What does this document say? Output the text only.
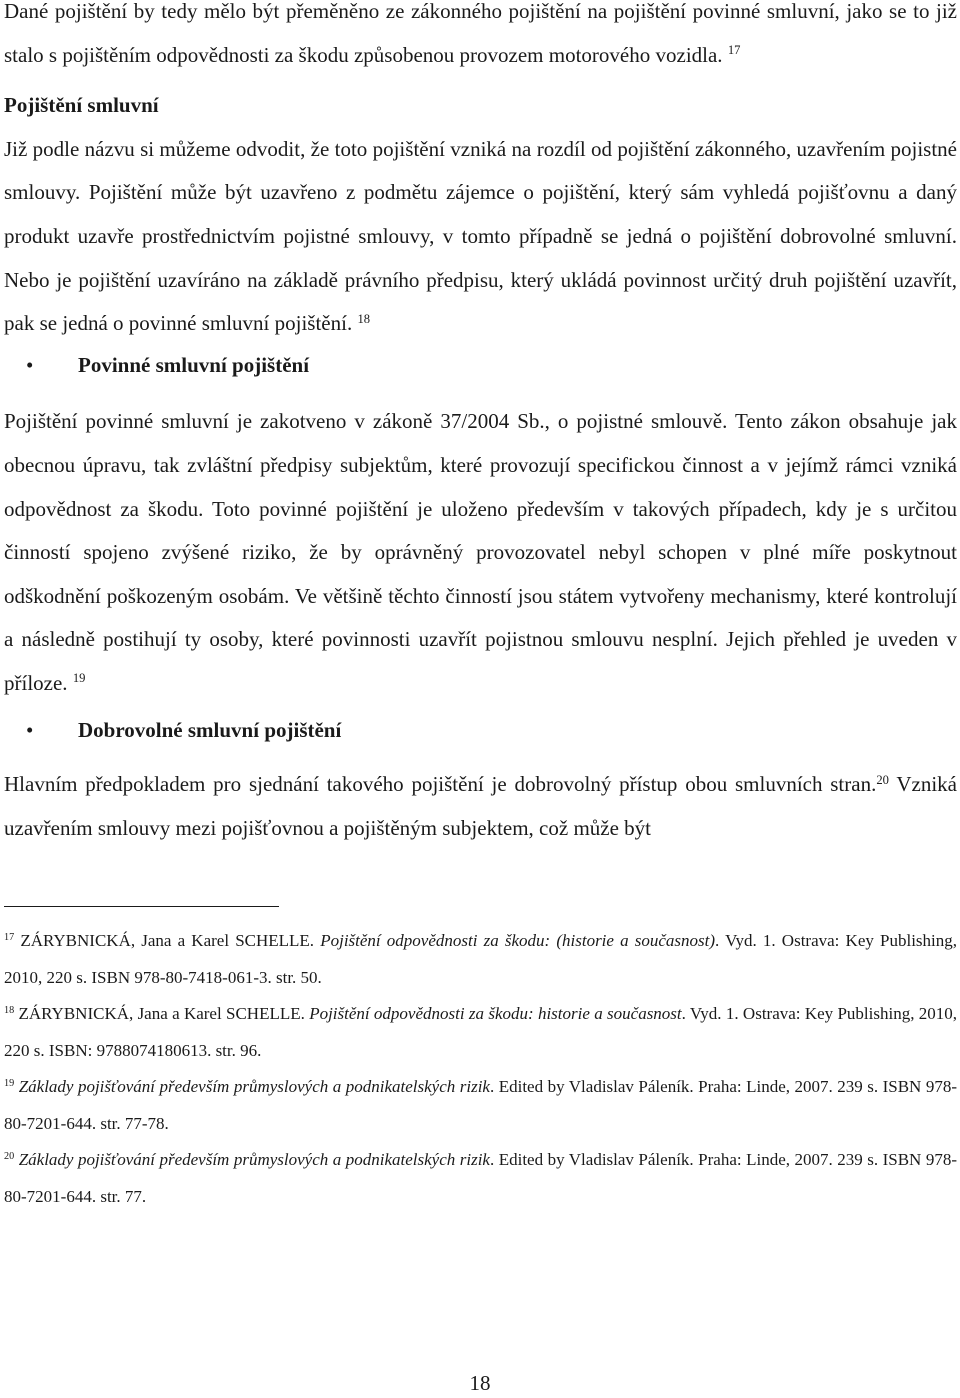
Dané pojištění by tedy mělo být přeměněno ze zákonného pojištění na pojištění povinné smluvní, jako se to již stalo s pojištěním odpovědnosti za škodu způsobenou provozem motorového vozidla. $^{17}$

Pojištění smluvní

Již podle názvu si můžeme odvodit, že toto pojištění vzniká na rozdíl od pojištění zákonného, uzavřením pojistné smlouvy. Pojištění může být uzavřeno z podmětu zájemce o pojištění, který sám vyhledá pojišťovnu a daný produkt uzavře prostřednictvím pojistné smlouvy, v tomto případně se jedná o pojištění dobrovolné smluvní. Nebo je pojištění uzavíráno na základě právního předpisu, který ukládá povinnost určitý druh pojištění uzavřít, pak se jedná o povinné smluvní pojištění. $^{18}$

• Povinné smluvní pojištění

Pojištění povinné smluvní je zakotveno v zákoně 37/2004 Sb., o pojistné smlouvě. Tento zákon obsahuje jak obecnou úpravu, tak zvláštní předpisy subjektům, které provozují specifickou činnost a v jejímž rámci vzniká odpovědnost za škodu. Toto povinné pojištění je uloženo především v takových případech, kdy je s určitou činností spojeno zvýšené riziko, že by oprávněný provozovatel nebyl schopen v plné míře poskytnout odškodnění poškozeným osobám. Ve většině těchto činností jsou státem vytvořeny mechanismy, které kontrolují a následně postihují ty osoby, které povinnosti uzavřít pojistnou smlouvu nesplní. Jejich přehled je uveden v příloze. $^{19}$

• Dobrovolné smluvní pojištění

Hlavním předpokladem pro sjednání takového pojištění je dobrovolný přístup obou smluvních stran.$^{20}$ Vzniká uzavřením smlouvy mezi pojišťovnou a pojištěným subjektem, což může být

$^{17}$ ZÁRYBNICKÁ, Jana a Karel SCHELLE. Pojištění odpovědnosti za škodu: (historie a současnost). Vyd. 1. Ostrava: Key Publishing, 2010, 220 s. ISBN 978-80-7418-061-3. str. 50.

$^{18}$ ZÁRYBNICKÁ, Jana a Karel SCHELLE. Pojištění odpovědnosti za škodu: historie a současnost. Vyd. 1. Ostrava: Key Publishing, 2010, 220 s. ISBN: 9788074180613. str. 96.

$^{19}$ Základy pojišťování především průmyslových a podnikatelských rizik. Edited by Vladislav Páleník. Praha: Linde, 2007. 239 s. ISBN 978-80-7201-644. str. 77-78.

$^{20}$ Základy pojišťování především průmyslových a podnikatelských rizik. Edited by Vladislav Páleník. Praha: Linde, 2007. 239 s. ISBN 978-80-7201-644. str. 77.

18
